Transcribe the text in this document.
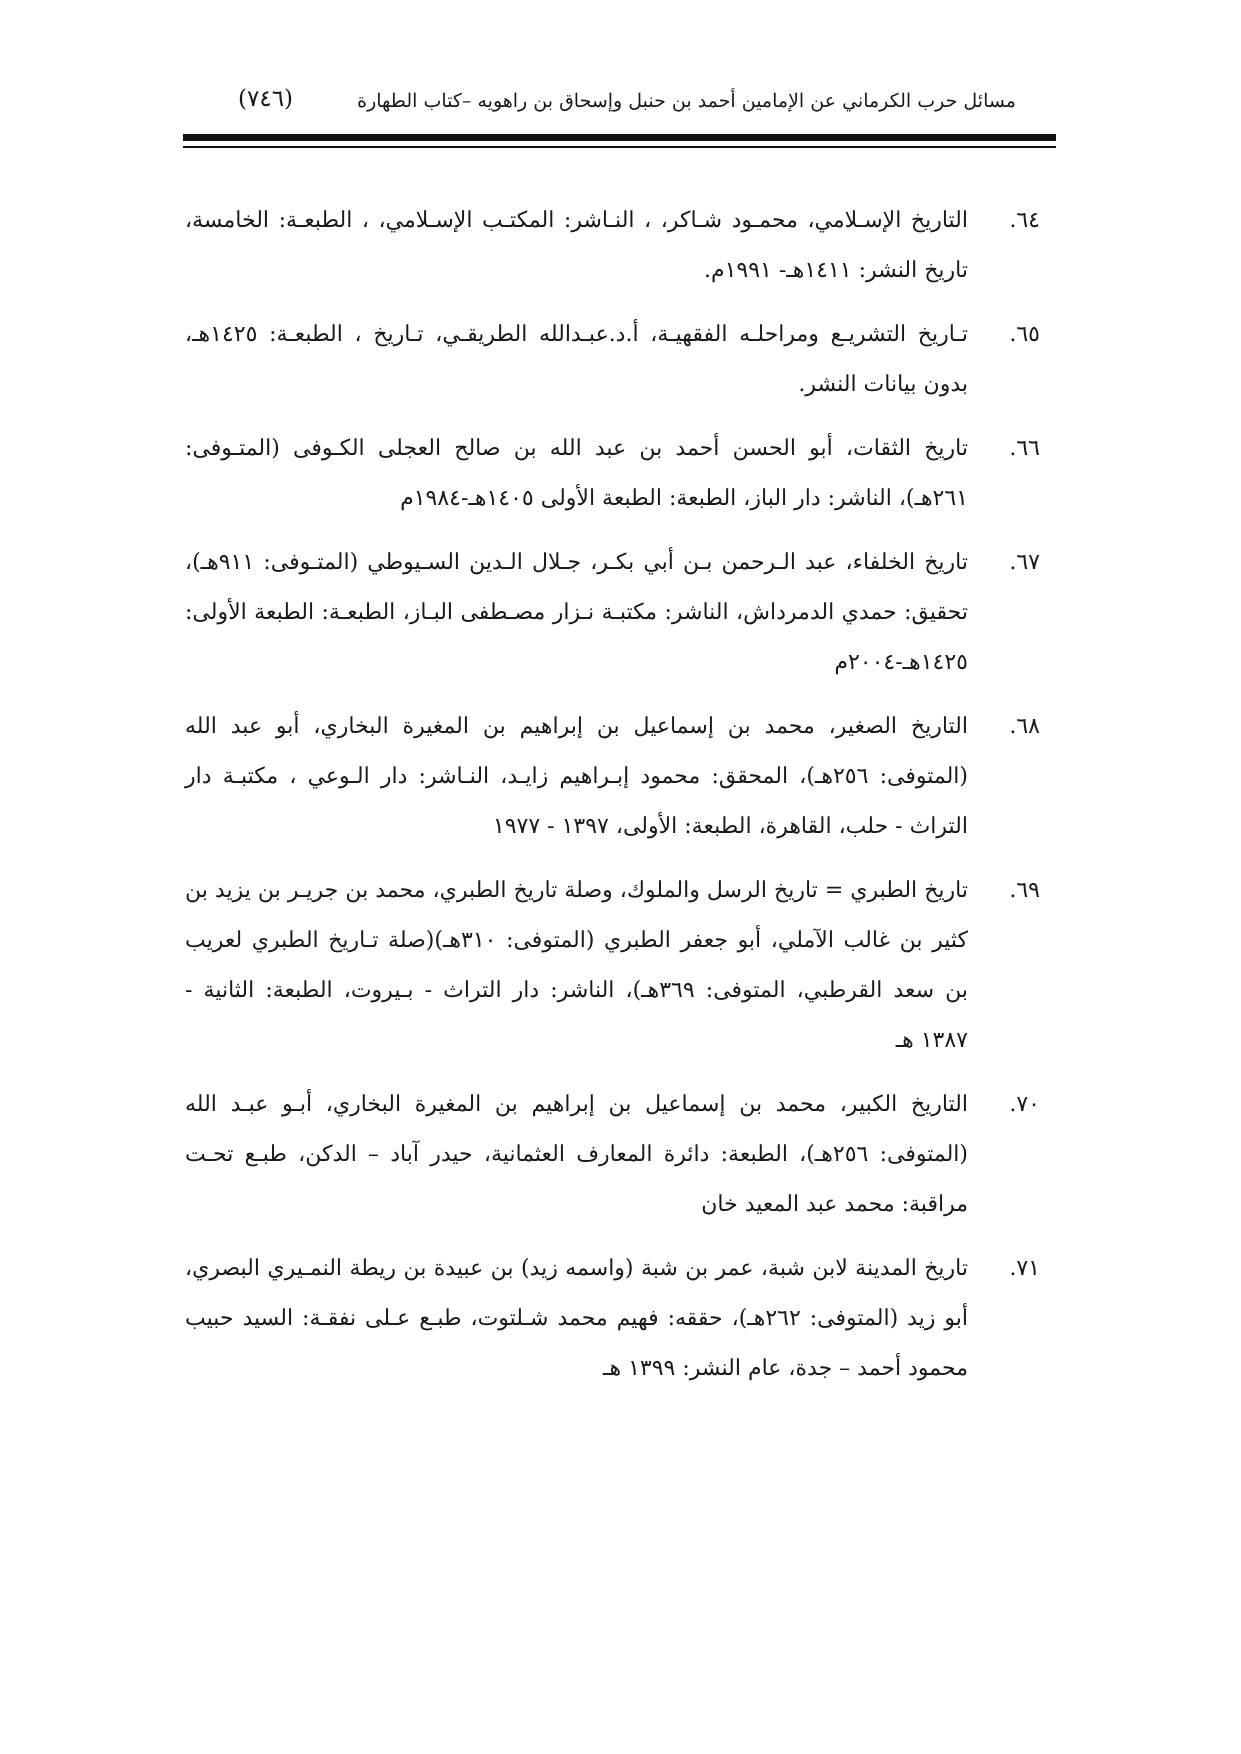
مسائل حرب الكرماني عن الإمامين أحمد بن حنبل وإسحاق بن راهويه –كتاب الطهارة
(٧٤٦)
٦٤.
التاريخ الإسـلامي، محمـود شـاكر، ، النـاشر: المكتـب الإسـلامي، ، الطبعـة: الخامسة، تاريخ النشر: ١٤١١هـ- ١٩٩١م.
٦٥.
تـاريخ التشريـع ومراحلـه الفقهيـة، أ.د.عبـدالله الطريقـي، تـاريخ ، الطبعـة: ١٤٢٥هـ، بدون بيانات النشر.
٦٦.
تاريخ الثقات، أبو الحسن أحمد بن عبد الله بن صالح العجلى الكـوفى (المتـوفى: ٢٦١هـ)، الناشر: دار الباز، الطبعة: الطبعة الأولى ١٤٠٥هـ-١٩٨٤م
٦٧.
تاريخ الخلفاء، عبد الـرحمن بـن أبي بكـر، جـلال الـدين السـيوطي (المتـوفى: ٩١١هـ)، تحقيق: حمدي الدمرداش، الناشر: مكتبـة نـزار مصـطفى البـاز، الطبعـة: الطبعة الأولى: ١٤٢٥هـ-٢٠٠٤م
٦٨.
التاريخ الصغير، محمد بن إسماعيل بن إبراهيم بن المغيرة البخاري، أبو عبد الله (المتوفى: ٢٥٦هـ)، المحقق: محمود إبـراهيم زايـد، النـاشر: دار الـوعي ، مكتبـة دار التراث - حلب، القاهرة، الطبعة: الأولى، ١٣٩٧ - ١٩٧٧
٦٩.
تاريخ الطبري = تاريخ الرسل والملوك، وصلة تاريخ الطبري، محمد بن جريـر بن يزيد بن كثير بن غالب الآملي، أبو جعفر الطبري (المتوفى: ٣١٠هـ)(صلة تـاريخ الطبري لعريب بن سعد القرطبي، المتوفى: ٣٦٩هـ)، الناشر: دار التراث - بـيروت، الطبعة: الثانية - ١٣٨٧ هـ
٧٠.
التاريخ الكبير، محمد بن إسماعيل بن إبراهيم بن المغيرة البخاري، أبـو عبـد الله (المتوفى: ٢٥٦هـ)، الطبعة: دائرة المعارف العثمانية، حيدر آباد – الدكن، طبـع تحـت مراقبة: محمد عبد المعيد خان
٧١.
تاريخ المدينة لابن شبة، عمر بن شبة (واسمه زيد) بن عبيدة بن ريطة النمـيري البصري، أبو زيد (المتوفى: ٢٦٢هـ)، حققه: فهيم محمد شـلتوت، طبـع عـلى نفقـة: السيد حبيب محمود أحمد – جدة، عام النشر: ١٣٩٩ هـ
